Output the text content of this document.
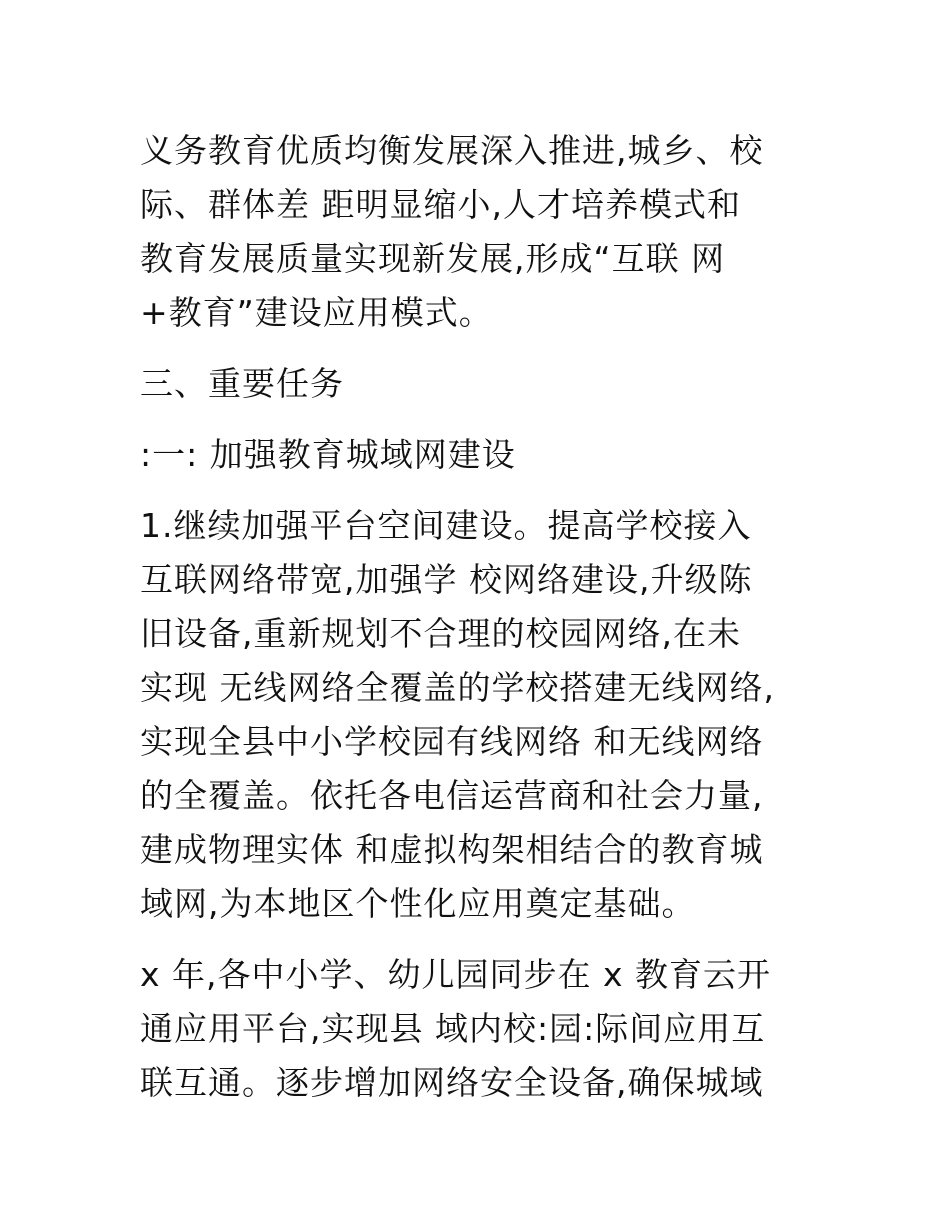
义务教育优质均衡发展深入推进,城乡、校
际、群体差 距明显缩小,人才培养模式和
教育发展质量实现新发展,形成“互联 网
+教育”建设应用模式。

三、重要任务

:一: 加强教育城域网建设

1.继续加强平台空间建设。提高学校接入
互联网络带宽,加强学 校网络建设,升级陈
旧设备,重新规划不合理的校园网络,在未
实现 无线网络全覆盖的学校搭建无线网络,
实现全县中小学校园有线网络 和无线网络
的全覆盖。依托各电信运营商和社会力量,
建成物理实体 和虚拟构架相结合的教育城
域网,为本地区个性化应用奠定基础。

x 年,各中小学、幼儿园同步在 x 教育云开
通应用平台,实现县 域内校:园:际间应用互
联互通。逐步增加网络安全设备,确保城域
